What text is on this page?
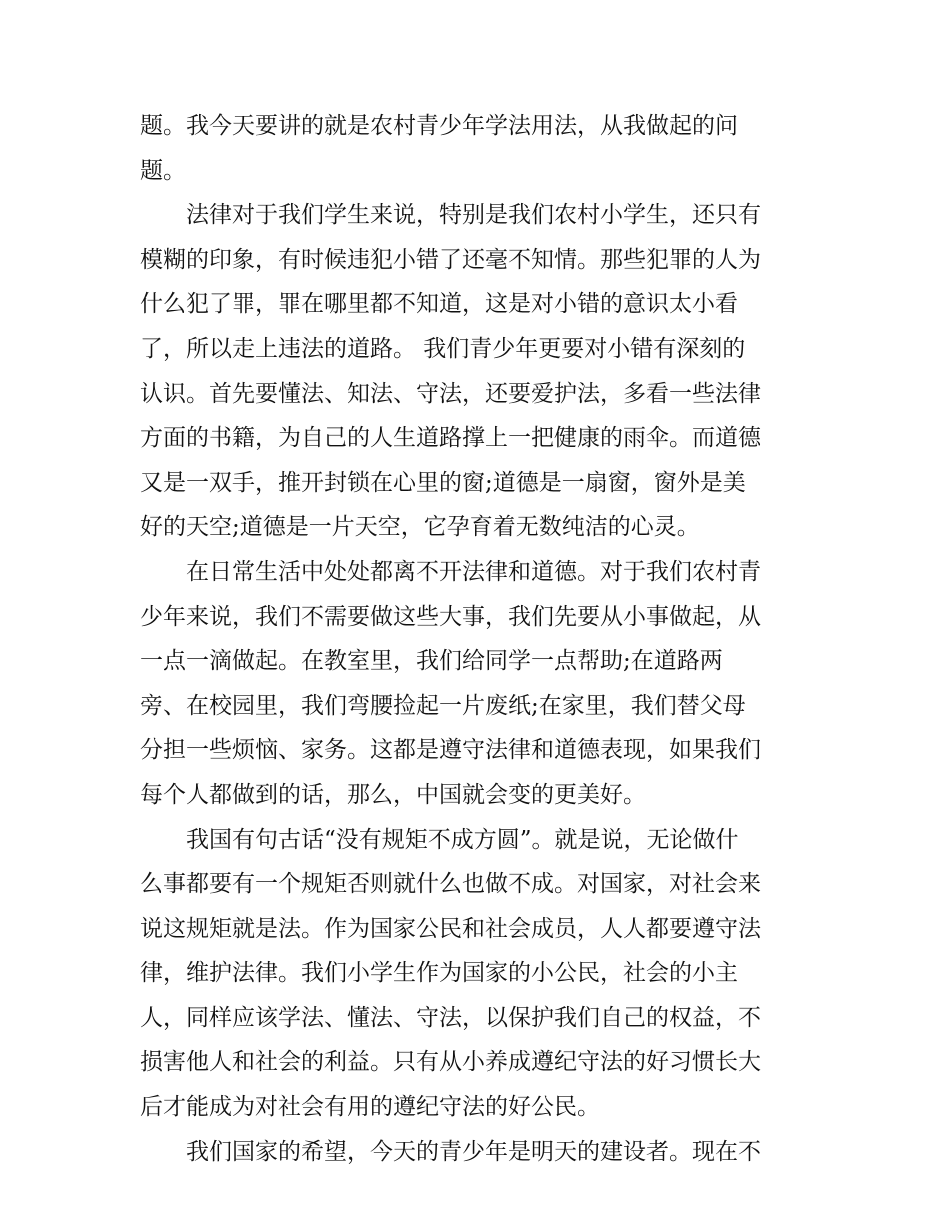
题。我今天要讲的就是农村青少年学法用法，从我做起的问
题。
法律对于我们学生来说，特别是我们农村小学生，还只有
模糊的印象，有时候违犯小错了还毫不知情。那些犯罪的人为
什么犯了罪，罪在哪里都不知道，这是对小错的意识太小看
了，所以走上违法的道路。 我们青少年更要对小错有深刻的
认识。首先要懂法、知法、守法，还要爱护法，多看一些法律
方面的书籍，为自己的人生道路撑上一把健康的雨伞。而道德
又是一双手，推开封锁在心里的窗;道德是一扇窗，窗外是美
好的天空;道德是一片天空，它孕育着无数纯洁的心灵。
在日常生活中处处都离不开法律和道德。对于我们农村青
少年来说，我们不需要做这些大事，我们先要从小事做起，从
一点一滴做起。在教室里，我们给同学一点帮助;在道路两
旁、在校园里，我们弯腰捡起一片废纸;在家里，我们替父母
分担一些烦恼、家务。这都是遵守法律和道德表现，如果我们
每个人都做到的话，那么，中国就会变的更美好。
我国有句古话“没有规矩不成方圆”。就是说，无论做什
么事都要有一个规矩否则就什么也做不成。对国家，对社会来
说这规矩就是法。作为国家公民和社会成员，人人都要遵守法
律，维护法律。我们小学生作为国家的小公民，社会的小主
人，同样应该学法、懂法、守法，以保护我们自己的权益，不
损害他人和社会的利益。只有从小养成遵纪守法的好习惯长大
后才能成为对社会有用的遵纪守法的好公民。
我们国家的希望，今天的青少年是明天的建设者。现在不
